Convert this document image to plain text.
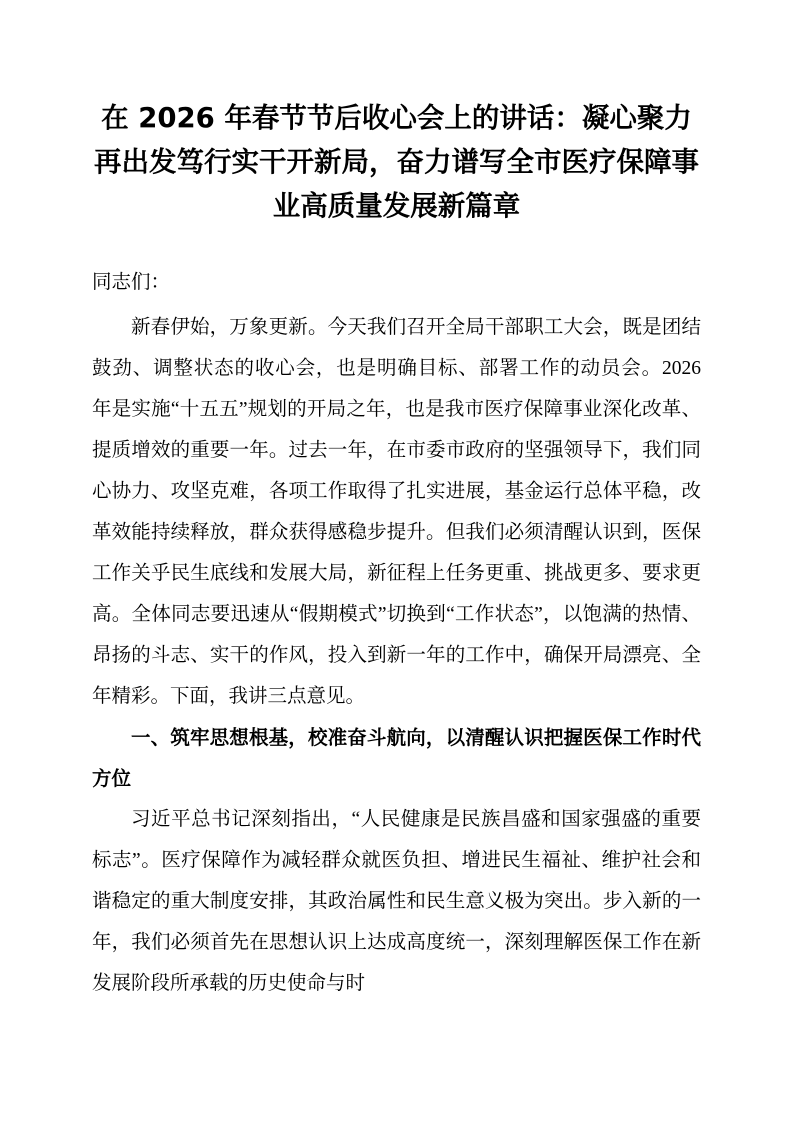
在 2026 年春节节后收心会上的讲话：凝心聚力再出发笃行实干开新局，奋力谱写全市医疗保障事业高质量发展新篇章
同志们：

新春伊始，万象更新。今天我们召开全局干部职工大会，既是团结鼓劲、调整状态的收心会，也是明确目标、部署工作的动员会。2026 年是实施“十五五”规划的开局之年，也是我市医疗保障事业深化改革、提质增效的重要一年。过去一年，在市委市政府的坚强领导下，我们同心协力、攻坚克难，各项工作取得了扎实进展，基金运行总体平稳，改革效能持续释放，群众获得感稳步提升。但我们必须清醒认识到，医保工作关乎民生底线和发展大局，新征程上任务更重、挑战更多、要求更高。全体同志要迅速从“假期模式”切换到“工作状态”，以饱满的热情、昂扬的斗志、实干的作风，投入到新一年的工作中，确保开局漂亮、全年精彩。下面，我讲三点意见。

一、筑牢思想根基，校准奋斗航向，以清醒认识把握医保工作时代方位

习近平总书记深刻指出，“人民健康是民族昌盛和国家强盛的重要标志”。医疗保障作为减轻群众就医负担、增进民生福祉、维护社会和谐稳定的重大制度安排，其政治属性和民生意义极为突出。步入新的一年，我们必须首先在思想认识上达成高度统一，深刻理解医保工作在新发展阶段所承载的历史使命与时
